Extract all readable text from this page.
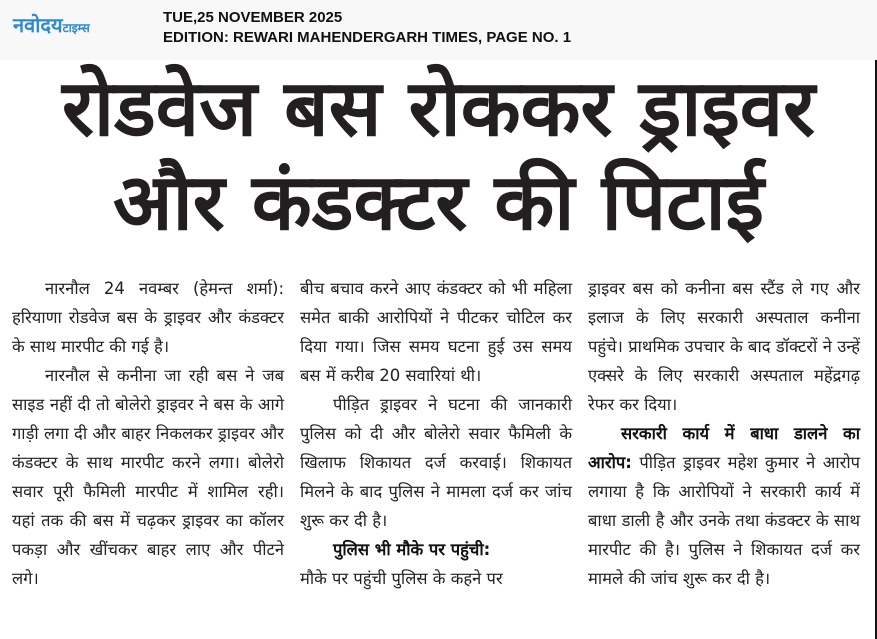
नवोदयटाइम्स
TUE,25 NOVEMBER 2025
EDITION: REWARI MAHENDERGARH TIMES, PAGE NO. 1
रोडवेज बस रोककर ड्राइवर
और कंडक्टर की पिटाई

नारनौल 24 नवम्बर (हेमन्त शर्मा): हरियाणा रोडवेज बस के ड्राइवर और कंडक्टर के साथ मारपीट की गई है।

नारनौल से कनीना जा रही बस ने जब साइड नहीं दी तो बोलेरो ड्राइवर ने बस के आगे गाड़ी लगा दी और बाहर निकलकर ड्राइवर और कंडक्टर के साथ मारपीट करने लगा। बोलेरो सवार पूरी फैमिली मारपीट में शामिल रही। यहां तक की बस में चढ़कर ड्राइवर का कॉलर पकड़ा और खींचकर बाहर लाए और पीटने लगे।

बीच बचाव करने आए कंडक्टर को भी महिला समेत बाकी आरोपियों ने पीटकर चोटिल कर दिया गया। जिस समय घटना हुई उस समय बस में करीब 20 सवारियां थी।

पीड़ित ड्राइवर ने घटना की जानकारी पुलिस को दी और बोलेरो सवार फैमिली के खिलाफ शिकायत दर्ज करवाई। शिकायत मिलने के बाद पुलिस ने मामला दर्ज कर जांच शुरू कर दी है।

पुलिस भी मौके पर पहुंची:

मौके पर पहुंची पुलिस के कहने पर

ड्राइवर बस को कनीना बस स्टैंड ले गए और इलाज के लिए सरकारी अस्पताल कनीना पहुंचे। प्राथमिक उपचार के बाद डॉक्टरों ने उन्हें एक्सरे के लिए सरकारी अस्पताल महेंद्रगढ़ रेफर कर दिया।

सरकारी कार्य में बाधा डालने का आरोप: पीड़ित ड्राइवर महेश कुमार ने आरोप लगाया है कि आरोपियों ने सरकारी कार्य में बाधा डाली है और उनके तथा कंडक्टर के साथ मारपीट की है। पुलिस ने शिकायत दर्ज कर मामले की जांच शुरू कर दी है।
